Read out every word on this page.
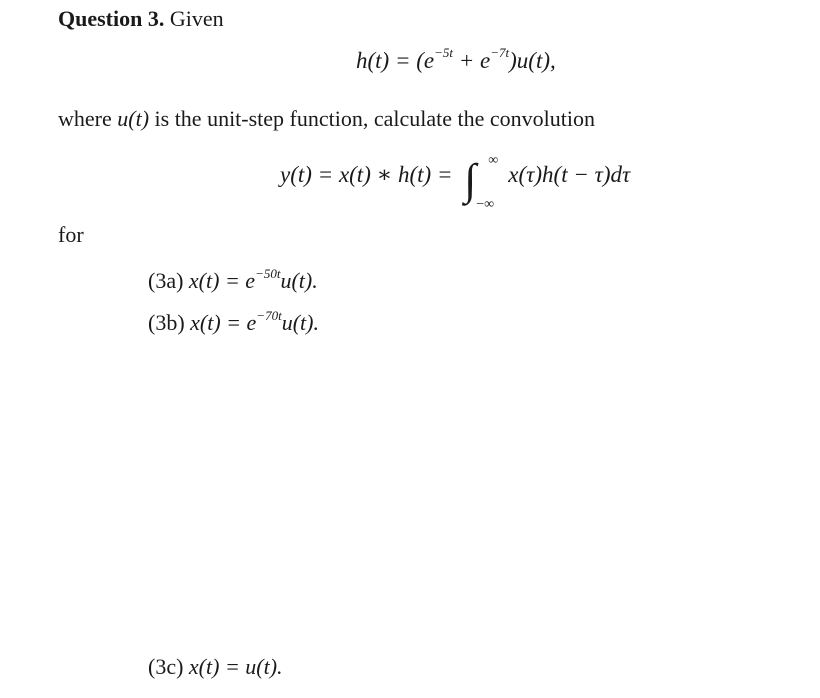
Question 3. Given
$h(t) = (e^{-5t} + e^{-7t})u(t)$,
where u(t) is the unit-step function, calculate the convolution
y(t) = x(t) ∗ h(t) = ∫ ∞
−∞
x(τ)h(t − τ)dτ
for
(3a) $x(t) = e^{-50t}u(t)$.
(3b) $x(t) = e^{-70t}u(t)$.
(3c) x(t) = u(t).
